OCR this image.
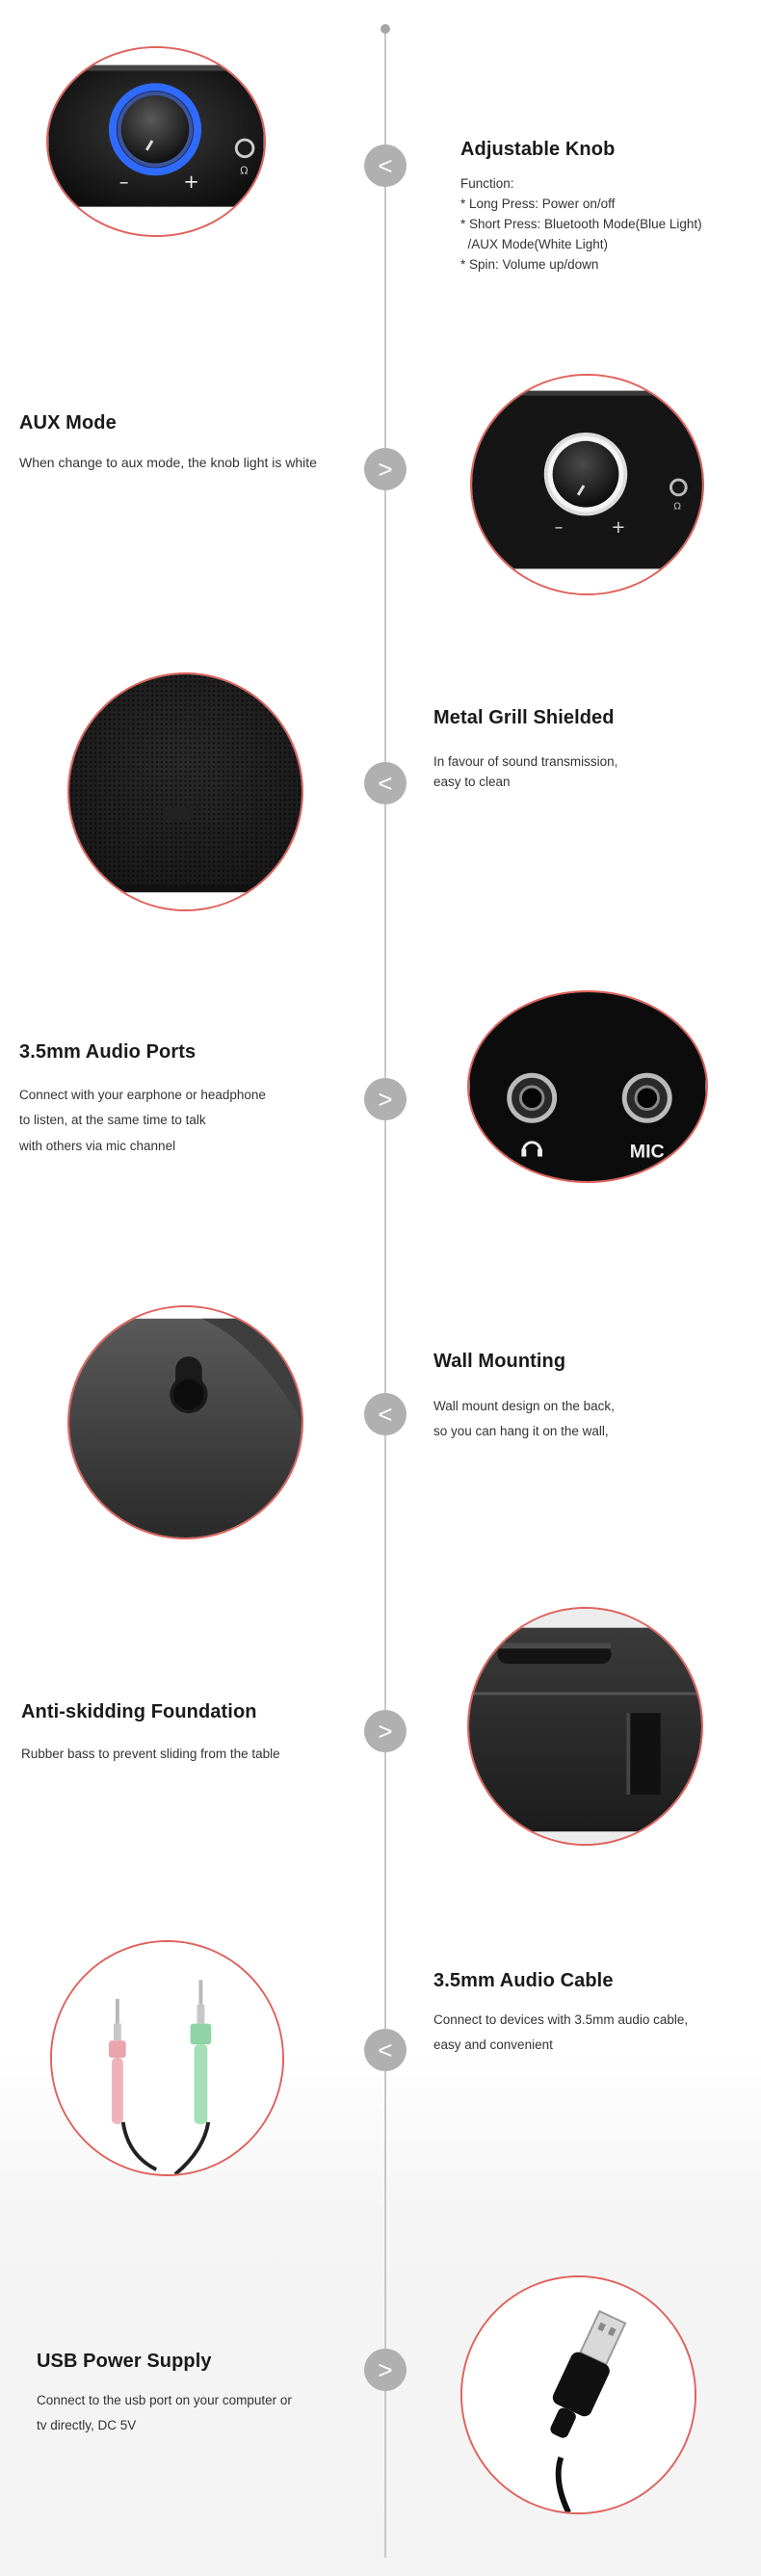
Ω
–	+
<
Adjustable Knob

Function:

* Long Press: Power on/off

* Short Press: Bluetooth Mode(Blue Light)

/AUX Mode(White Light)

* Spin: Volume up/down

AUX Mode

When change to aux mode, the knob light is white	>
Ω
–	+
Metal Grill Shielded

In favour of sound transmission,

easy to clean

<
3.5mm Audio Ports

Connect with your earphone or headphone

to listen, at the same time to talk

with others via mic channel

>
MIC
Wall Mounting

Wall mount design on the back,

so you can hang it on the wall,

<
Anti-skidding Foundation

Rubber bass to prevent sliding from the table

>
3.5mm Audio Cable

Connect to devices with 3.5mm audio cable,

easy and convenient

<
USB Power Supply

Connect to the usb port on your computer or

tv directly, DC 5V

>
